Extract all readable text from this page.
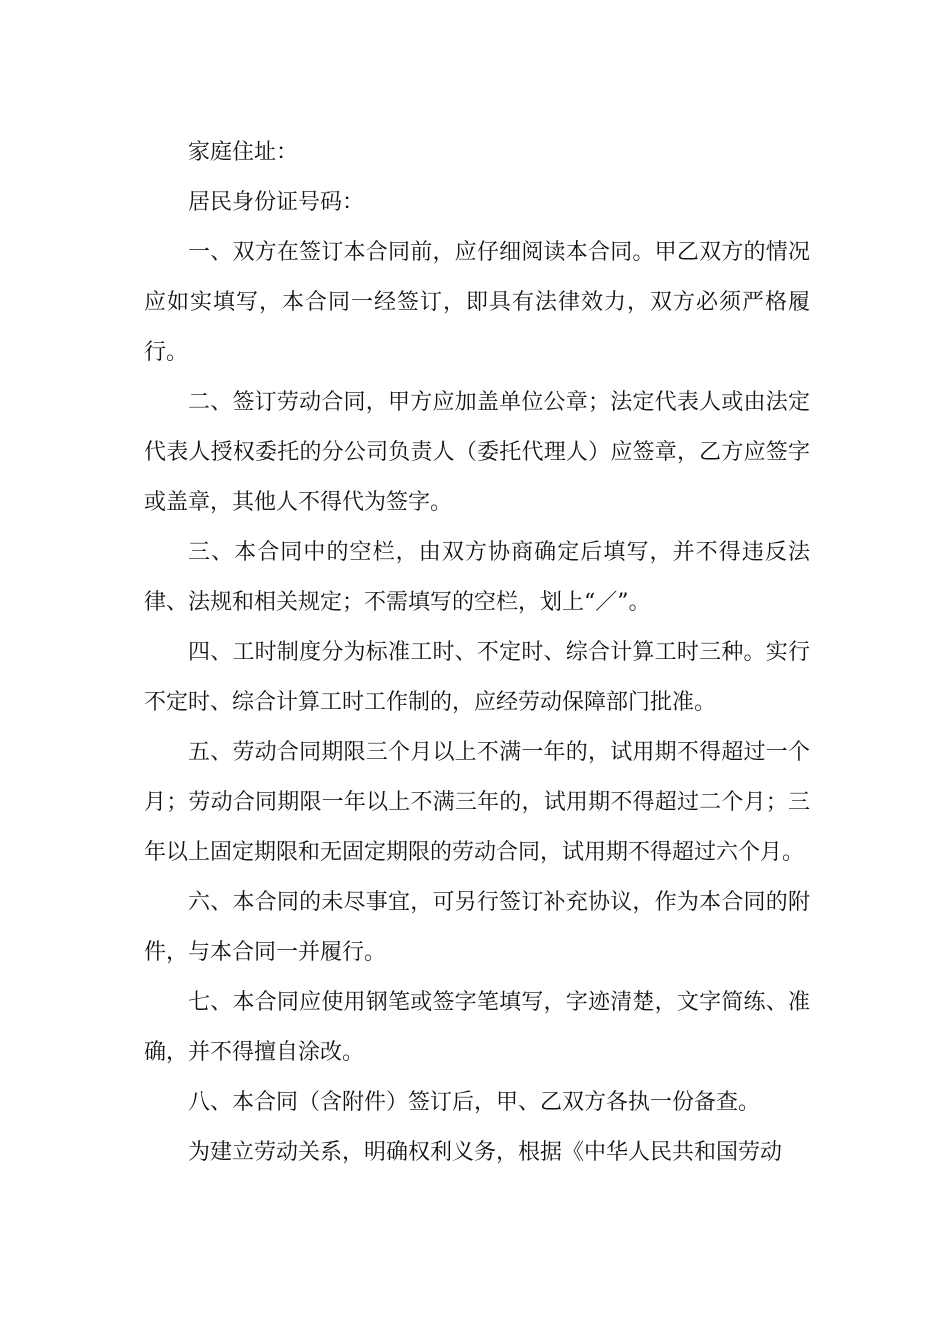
家庭住址：

居民身份证号码：

一、双方在签订本合同前，应仔细阅读本合同。甲乙双方的情况应如实填写，本合同一经签订，即具有法律效力，双方必须严格履行。

二、签订劳动合同，甲方应加盖单位公章；法定代表人或由法定代表人授权委托的分公司负责人（委托代理人）应签章，乙方应签字或盖章，其他人不得代为签字。

三、本合同中的空栏，由双方协商确定后填写，并不得违反法律、法规和相关规定；不需填写的空栏，划上“／”。

四、工时制度分为标准工时、不定时、综合计算工时三种。实行不定时、综合计算工时工作制的，应经劳动保障部门批准。

五、劳动合同期限三个月以上不满一年的，试用期不得超过一个月；劳动合同期限一年以上不满三年的，试用期不得超过二个月；三年以上固定期限和无固定期限的劳动合同，试用期不得超过六个月。

六、本合同的未尽事宜，可另行签订补充协议，作为本合同的附件，与本合同一并履行。

七、本合同应使用钢笔或签字笔填写，字迹清楚，文字简练、准确，并不得擅自涂改。

八、本合同（含附件）签订后，甲、乙双方各执一份备查。

为建立劳动关系，明确权利义务，根据《中华人民共和国劳动
